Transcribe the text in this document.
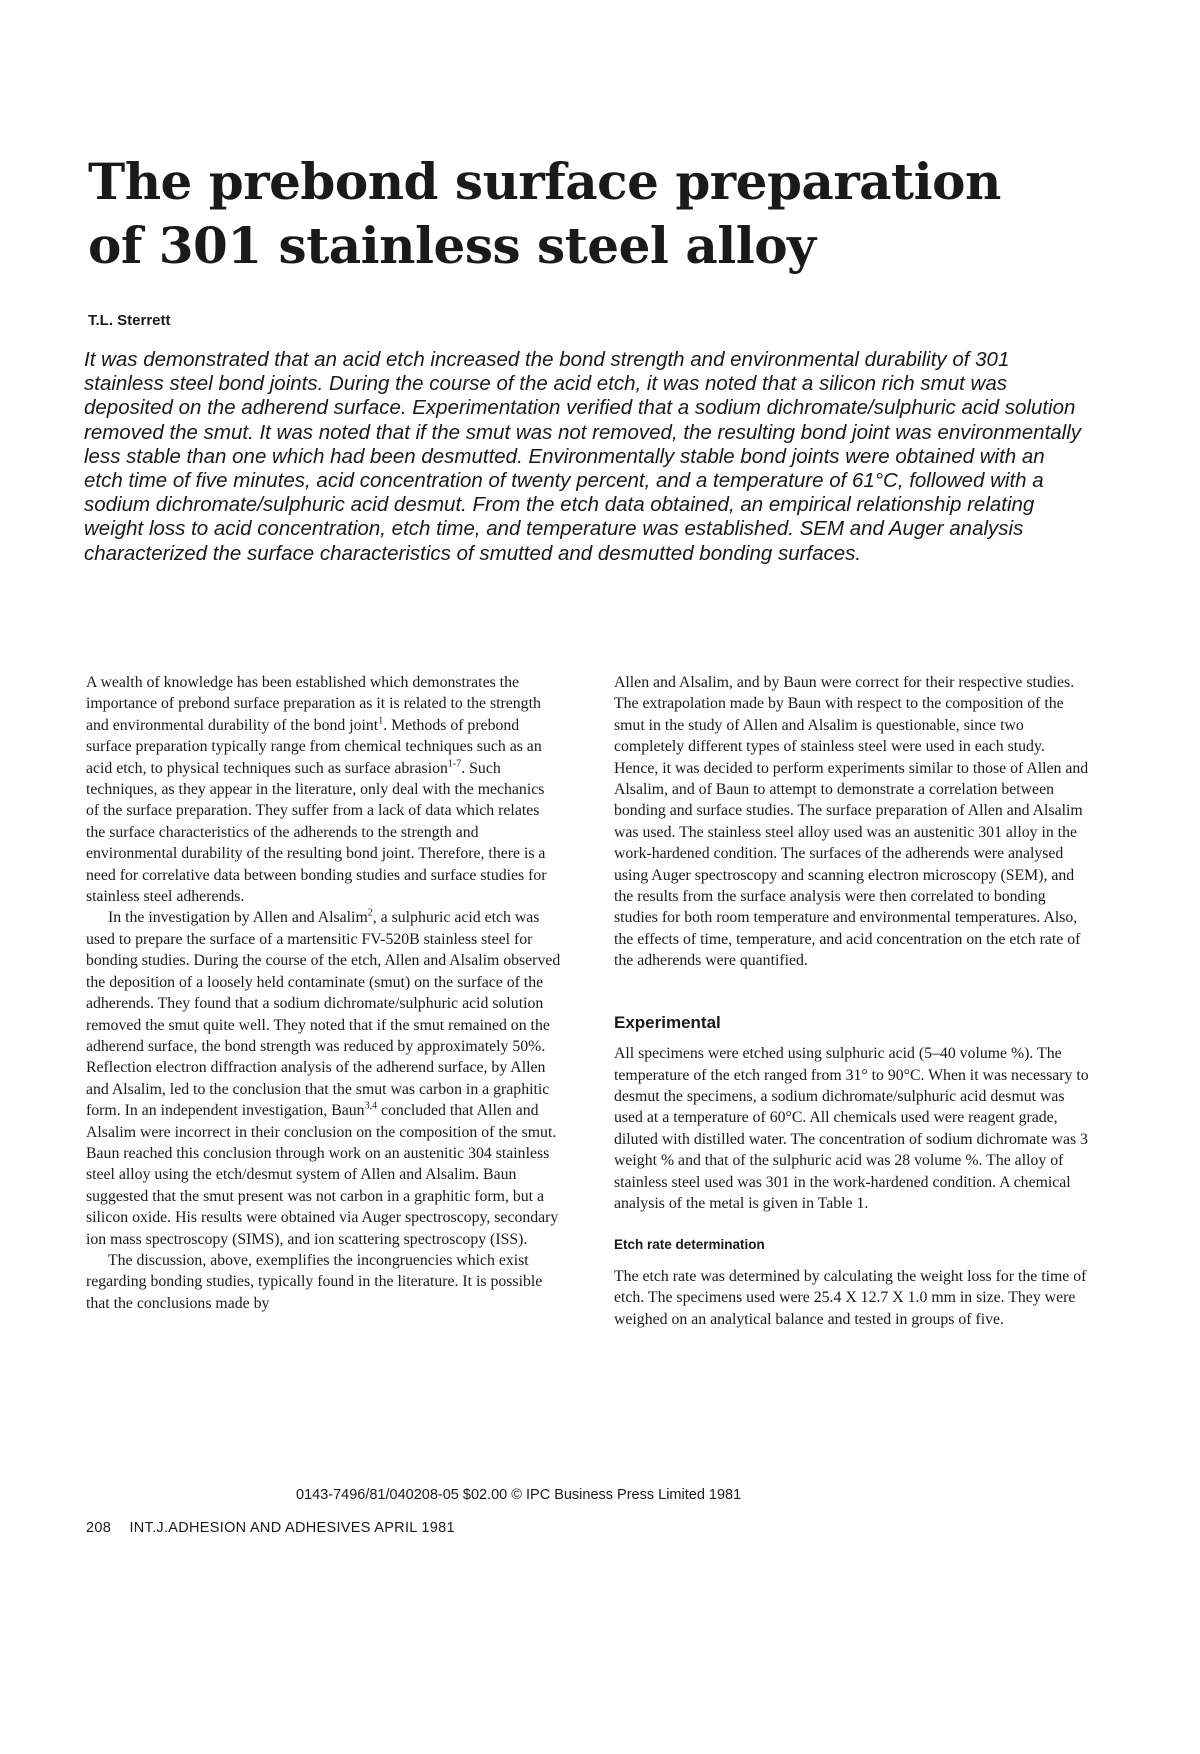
The prebond surface preparation
of 301 stainless steel alloy

T.L. Sterrett

It was demonstrated that an acid etch increased the bond strength and environmental durability of 301 stainless steel bond joints. During the course of the acid etch, it was noted that a silicon rich smut was deposited on the adherend surface. Experimentation verified that a sodium dichromate/sulphuric acid solution removed the smut. It was noted that if the smut was not removed, the resulting bond joint was environmentally less stable than one which had been desmutted. Environmentally stable bond joints were obtained with an etch time of five minutes, acid concentration of twenty percent, and a temperature of 61°C, followed with a sodium dichromate/sulphuric acid desmut. From the etch data obtained, an empirical relationship relating weight loss to acid concentration, etch time, and temperature was established. SEM and Auger analysis characterized the surface characteristics of smutted and desmutted bonding surfaces.

A wealth of knowledge has been established which demonstrates the importance of prebond surface preparation as it is related to the strength and environmental durability of the bond joint$^1$. Methods of prebond surface preparation typically range from chemical techniques such as an acid etch, to physical techniques such as surface abrasion$^{1-7}$. Such techniques, as they appear in the literature, only deal with the mechanics of the surface preparation. They suffer from a lack of data which relates the surface characteristics of the adherends to the strength and environmental durability of the resulting bond joint. Therefore, there is a need for correlative data between bonding studies and surface studies for stainless steel adherends.

In the investigation by Allen and Alsalim$^2$, a sulphuric acid etch was used to prepare the surface of a martensitic FV-520B stainless steel for bonding studies. During the course of the etch, Allen and Alsalim observed the deposition of a loosely held contaminate (smut) on the surface of the adherends. They found that a sodium dichromate/sulphuric acid solution removed the smut quite well. They noted that if the smut remained on the adherend surface, the bond strength was reduced by approximately 50%. Reflection electron diffraction analysis of the adherend surface, by Allen and Alsalim, led to the conclusion that the smut was carbon in a graphitic form. In an independent investigation, Baun$^{3,4}$ concluded that Allen and Alsalim were incorrect in their conclusion on the composition of the smut. Baun reached this conclusion through work on an austenitic 304 stainless steel alloy using the etch/desmut system of Allen and Alsalim. Baun suggested that the smut present was not carbon in a graphitic form, but a silicon oxide. His results were obtained via Auger spectroscopy, secondary ion mass spectroscopy (SIMS), and ion scattering spectroscopy (ISS).

The discussion, above, exemplifies the incongruencies which exist regarding bonding studies, typically found in the literature. It is possible that the conclusions made by

Allen and Alsalim, and by Baun were correct for their respective studies. The extrapolation made by Baun with respect to the composition of the smut in the study of Allen and Alsalim is questionable, since two completely different types of stainless steel were used in each study. Hence, it was decided to perform experiments similar to those of Allen and Alsalim, and of Baun to attempt to demonstrate a correlation between bonding and surface studies. The surface preparation of Allen and Alsalim was used. The stainless steel alloy used was an austenitic 301 alloy in the work-hardened condition. The surfaces of the adherends were analysed using Auger spectroscopy and scanning electron microscopy (SEM), and the results from the surface analysis were then correlated to bonding studies for both room temperature and environmental temperatures. Also, the effects of time, temperature, and acid concentration on the etch rate of the adherends were quantified.

Experimental

All specimens were etched using sulphuric acid (5–40 volume %). The temperature of the etch ranged from 31° to 90°C. When it was necessary to desmut the specimens, a sodium dichromate/sulphuric acid desmut was used at a temperature of 60°C. All chemicals used were reagent grade, diluted with distilled water. The concentration of sodium dichromate was 3 weight % and that of the sulphuric acid was 28 volume %. The alloy of stainless steel used was 301 in the work-hardened condition. A chemical analysis of the metal is given in Table 1.

Etch rate determination

The etch rate was determined by calculating the weight loss for the time of etch. The specimens used were 25.4 X 12.7 X 1.0 mm in size. They were weighed on an analytical balance and tested in groups of five.

0143-7496/81/040208-05 $02.00 © IPC Business Press Limited 1981

208 INT.J.ADHESION AND ADHESIVES APRIL 1981
